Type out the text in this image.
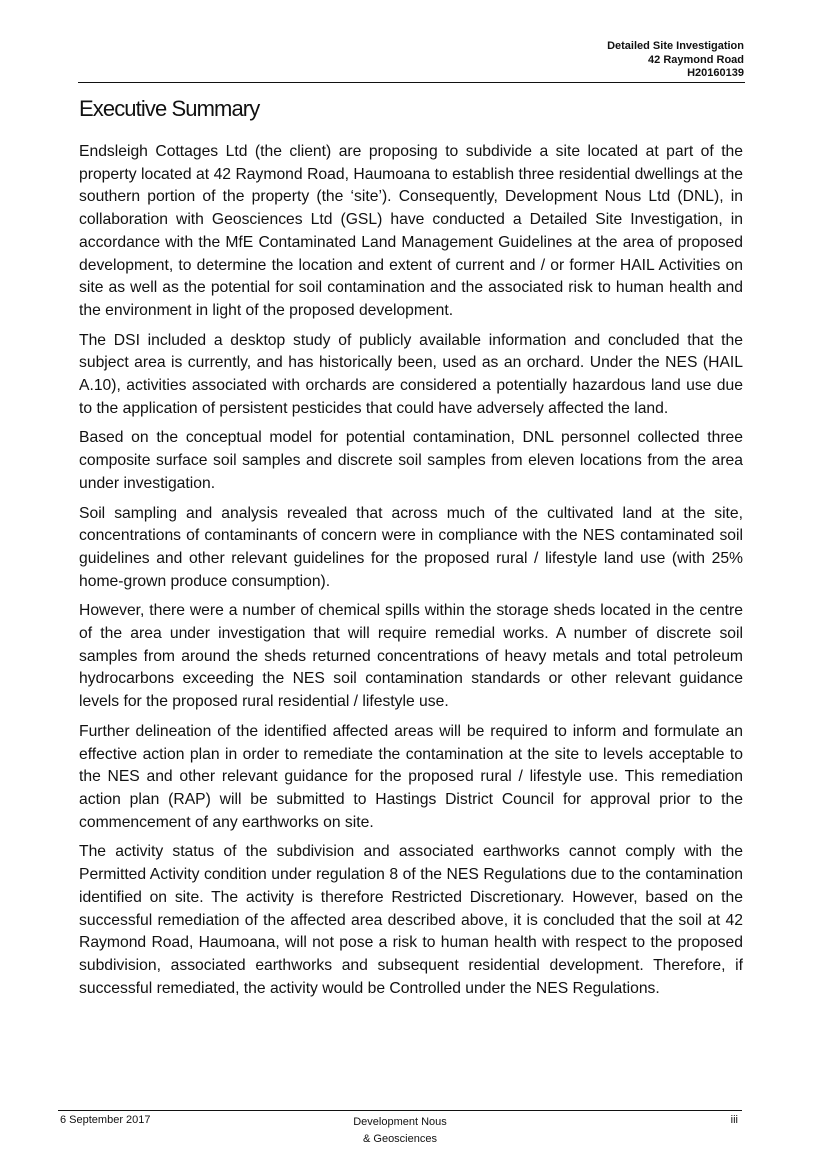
Detailed Site Investigation
42 Raymond Road
H20160139
Executive Summary

Endsleigh Cottages Ltd (the client) are proposing to subdivide a site located at part of the property located at 42 Raymond Road, Haumoana to establish three residential dwellings at the southern portion of the property (the ‘site’). Consequently, Development Nous Ltd (DNL), in collaboration with Geosciences Ltd (GSL) have conducted a Detailed Site Investigation, in accordance with the MfE Contaminated Land Management Guidelines at the area of proposed development, to determine the location and extent of current and / or former HAIL Activities on site as well as the potential for soil contamination and the associated risk to human health and the environment in light of the proposed development.

The DSI included a desktop study of publicly available information and concluded that the subject area is currently, and has historically been, used as an orchard. Under the NES (HAIL A.10), activities associated with orchards are considered a potentially hazardous land use due to the application of persistent pesticides that could have adversely affected the land.

Based on the conceptual model for potential contamination, DNL personnel collected three composite surface soil samples and discrete soil samples from eleven locations from the area under investigation.

Soil sampling and analysis revealed that across much of the cultivated land at the site, concentrations of contaminants of concern were in compliance with the NES contaminated soil guidelines and other relevant guidelines for the proposed rural / lifestyle land use (with 25% home-grown produce consumption).

However, there were a number of chemical spills within the storage sheds located in the centre of the area under investigation that will require remedial works. A number of discrete soil samples from around the sheds returned concentrations of heavy metals and total petroleum hydrocarbons exceeding the NES soil contamination standards or other relevant guidance levels for the proposed rural residential / lifestyle use.

Further delineation of the identified affected areas will be required to inform and formulate an effective action plan in order to remediate the contamination at the site to levels acceptable to the NES and other relevant guidance for the proposed rural / lifestyle use. This remediation action plan (RAP) will be submitted to Hastings District Council for approval prior to the commencement of any earthworks on site.

The activity status of the subdivision and associated earthworks cannot comply with the Permitted Activity condition under regulation 8 of the NES Regulations due to the contamination identified on site. The activity is therefore Restricted Discretionary. However, based on the successful remediation of the affected area described above, it is concluded that the soil at 42 Raymond Road, Haumoana, will not pose a risk to human health with respect to the proposed subdivision, associated earthworks and subsequent residential development. Therefore, if successful remediated, the activity would be Controlled under the NES Regulations.

6 September 2017	Development Nous
& Geosciences
iii
